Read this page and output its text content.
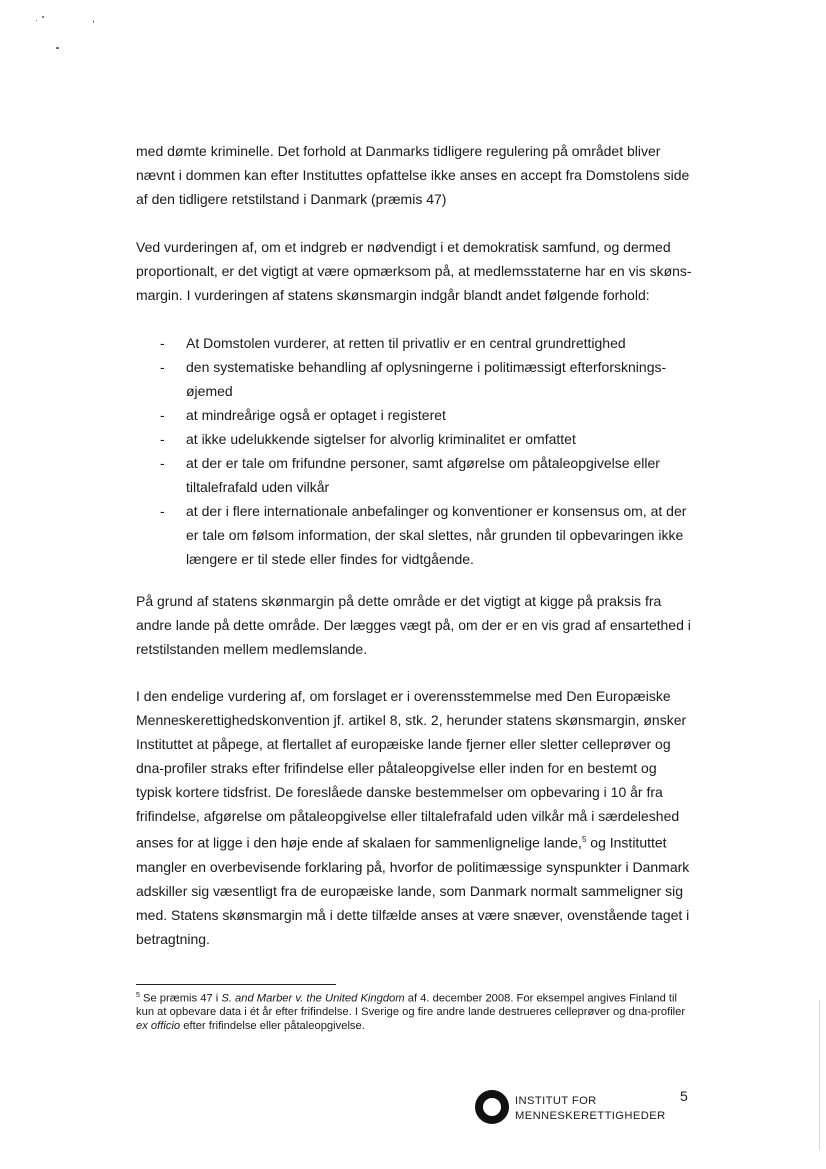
med dømte kriminelle. Det forhold at Danmarks tidligere regulering på området bliver nævnt i dommen kan efter Instituttes opfattelse ikke anses en accept fra Domstolens side af den tidligere retstilstand i Danmark (præmis 47)

Ved vurderingen af, om et indgreb er nødvendigt i et demokratisk samfund, og dermed proportionalt, er det vigtigt at være opmærksom på, at medlemsstaterne har en vis skøns-margin. I vurderingen af statens skønsmargin indgår blandt andet følgende forhold:

- At Domstolen vurderer, at retten til privatliv er en central grundrettighed
- den systematiske behandling af oplysningerne i politimæssigt efterforsknings-øjemed
- at mindreårige også er optaget i registeret
- at ikke udelukkende sigtelser for alvorlig kriminalitet er omfattet
- at der er tale om frifundne personer, samt afgørelse om påtaleopgivelse eller tiltalefrafald uden vilkår
- at der i flere internationale anbefalinger og konventioner er konsensus om, at der er tale om følsom information, der skal slettes, når grunden til opbevaringen ikke længere er til stede eller findes for vidtgående.

På grund af statens skønmargin på dette område er det vigtigt at kigge på praksis fra andre lande på dette område. Der lægges vægt på, om der er en vis grad af ensartethed i retstilstanden mellem medlemslande.

I den endelige vurdering af, om forslaget er i overensstemmelse med Den Europæiske Menneskerettighedskonvention jf. artikel 8, stk. 2, herunder statens skønsmargin, ønsker Instituttet at påpege, at flertallet af europæiske lande fjerner eller sletter celleprøver og dna-profiler straks efter frifindelse eller påtaleopgivelse eller inden for en bestemt og typisk kortere tidsfrist. De foreslåede danske bestemmelser om opbevaring i 10 år fra frifindelse, afgørelse om påtaleopgivelse eller tiltalefrafald uden vilkår må i særdeleshed anses for at ligge i den høje ende af skalaen for sammenlignelige lande,$^5$ og Instituttet mangler en overbevisende forklaring på, hvorfor de politimæssige synspunkter i Danmark adskiller sig væsentligt fra de europæiske lande, som Danmark normalt sammeligner sig med. Statens skønsmargin må i dette tilfælde anses at være snæver, ovenstående taget i betragtning.

$^5$ Se præmis 47 i S. and Marber v. the United Kingdom af 4. december 2008. For eksempel angives Finland til kun at opbevare data i ét år efter frifindelse. I Sverige og fire andre lande destrueres celleprøver og dna-profiler ex officio efter frifindelse eller påtaleopgivelse.

INSTITUT FOR
MENNESKERETTIGHEDER
5
